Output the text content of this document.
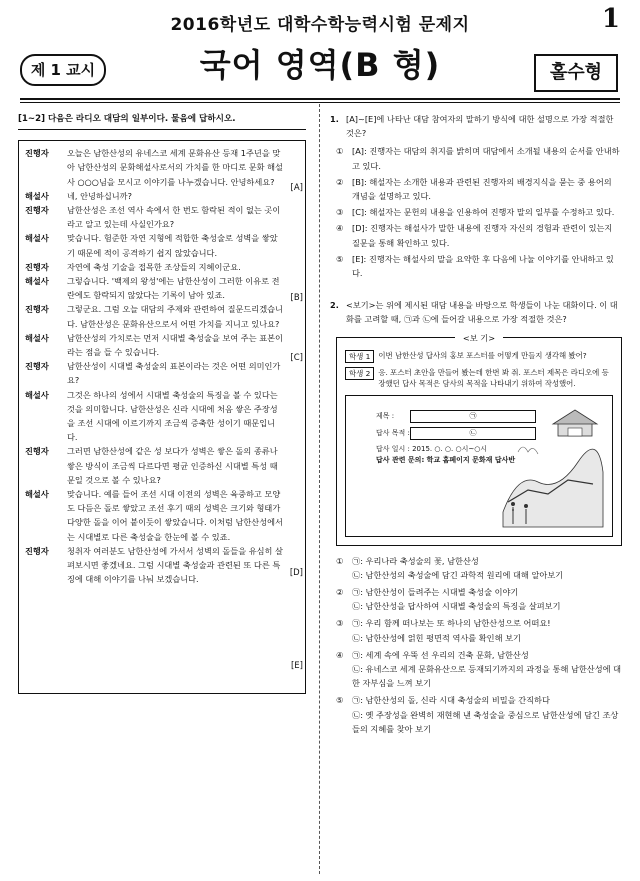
2016학년도 대학수학능력시험 문제지	1
제 1 교시	국어 영역(B 형)	홀수형
[1~2] 다음은 라디오 대담의 일부이다. 물음에 답하시오.
진행자	오늘은 남한산성의 유네스코 세계 문화유산 등재 1주년을 맞아 남한산성의 문화해설사로서의 가치를 한 마디로 문화 해설사 ○○○님을 모시고 이야기를 나누겠습니다. 안녕하세요?
해설사	네, 안녕하십니까?
진행자	남한산성은 조선 역사 속에서 한 번도 함락된 적이 없는 곳이라고 알고 있는데 사실인가요?
해설사	맞습니다. 험준한 자연 지형에 적합한 축성술로 성벽을 쌓았기 때문에 적이 공격하기 쉽지 않았습니다.
진행자	자연에 축성 기술을 접목한 조상들의 지혜이군요.
해설사	그렇습니다. '백제의 왕성'에는 남한산성이 그러한 이유로 전란에도 함락되지 않았다는 기록이 남아 있죠.
진행자	그렇군요. 그럼 오늘 대담의 주제와 관련하여 질문드리겠습니다. 남한산성은 문화유산으로서 어떤 가치를 지니고 있나요?
해설사	남한산성의 가치로는 먼저 시대별 축성술을 보여 주는 표본이라는 점을 들 수 있습니다.
진행자	남한산성이 시대별 축성술의 표본이라는 것은 어떤 의미인가요?
해설사	그것은 하나의 성에서 시대별 축성술의 특징을 볼 수 있다는 것을 의미합니다. 남한산성은 신라 시대에 처음 쌓은 주장성을 조선 시대에 이르기까지 조금씩 증축한 성이기 때문입니다.
진행자	그러면 남한산성에 같은 성 보다가 성벽은 쌓은 돌의 종류나 쌓은 방식이 조금씩 다르다면 평균 인증하신 시대별 특성 때문일 것으로 볼 수 있나요?
해설사	맞습니다. 예를 들어 조선 시대 이전의 성벽은 육중하고 모양도 다듬은 돌로 쌓았고 조선 후기 때의 성벽은 크기와 형태가 다양한 돌을 이어 붙이듯이 쌓았습니다. 이처럼 남한산성에서는 시대별로 다른 축성술을 한눈에 볼 수 있죠.
진행자	청취자 여러분도 남한산성에 가서서 성벽의 돌들을 유심히 살펴보시면 좋겠네요. 그럼 시대별 축성술과 관련된 또 다른 특징에 대해 이야기를 나눠 보겠습니다.
[A]
[B]
[C]
[D]
[E]
1. [A]~[E]에 나타난 대담 참여자의 말하기 방식에 대한 설명으로 가장 적절한 것은?
①	[A]: 진행자는 대담의 취지를 밝히며 대담에서 소개될 내용의 순서를 안내하고 있다.
②	[B]: 해설자는 소개한 내용과 관련된 진행자의 배경지식을 묻는 중 용어의 개념을 설명하고 있다.
③	[C]: 해설자는 문헌의 내용을 인용하여 진행자 말의 일부를 수정하고 있다.
④	[D]: 진행자는 해설사가 말한 내용에 진행자 자신의 경험과 관련이 있는지 질문을 통해 확인하고 있다.
⑤	[E]: 진행자는 해설사의 말을 요약한 후 다음에 나눌 이야기를 안내하고 있다.
2. <보기>는 위에 제시된 대담 내용을 바탕으로 학생들이 나눈 대화이다. 이 대화를 고려할 때, ㉠과 ㉡에 들어갈 내용으로 가장 적절한 것은?
<보 기>
학생 1	이번 남한산성 답사의 홍보 포스터를 어떻게 만들지 생각해 봤어?
학생 2	응. 포스터 초안을 만들어 봤는데 한번 봐 줘. 포스터 제목은 라디오에 등장했던 답사 목적은 담사의 목적을 나타내기 위하여 작성했어.
제목 :	㉠
답사 목적 :	㉡
답사 일시 : 2015. ○. ○. ○시~○시
답사 관련 문의: 학교 홈페이지 문화재 답사반
①	㉠: 우리나라 축성술의 꽃, 남한산성
㉡: 남한산성의 축성술에 담긴 과학적 원리에 대해 알아보기
②	㉠: 남한산성이 들려주는 시대별 축성술 이야기
㉡: 남한산성을 답사하여 시대별 축성술의 특징을 살펴보기
③	㉠: 우리 함께 떠나보는 또 하나의 남한산성으로 어떠요!
㉡: 남한산성에 얽힌 평면적 역사를 확인해 보기
④	㉠: 세계 속에 우뚝 선 우리의 건축 문화, 남한산성
㉡: 유네스코 세계 문화유산으로 등재되기까지의 과정을 통해 남한산성에 대한 자부심을 느껴 보기
⑤	㉠: 남한산성의 돌, 신라 시대 축성술의 비밀을 간직하다
㉡: 옛 주장성을 완벽히 재현해 낸 축성술을 중심으로 남한산성에 담긴 조상들의 지혜를 찾아 보기
